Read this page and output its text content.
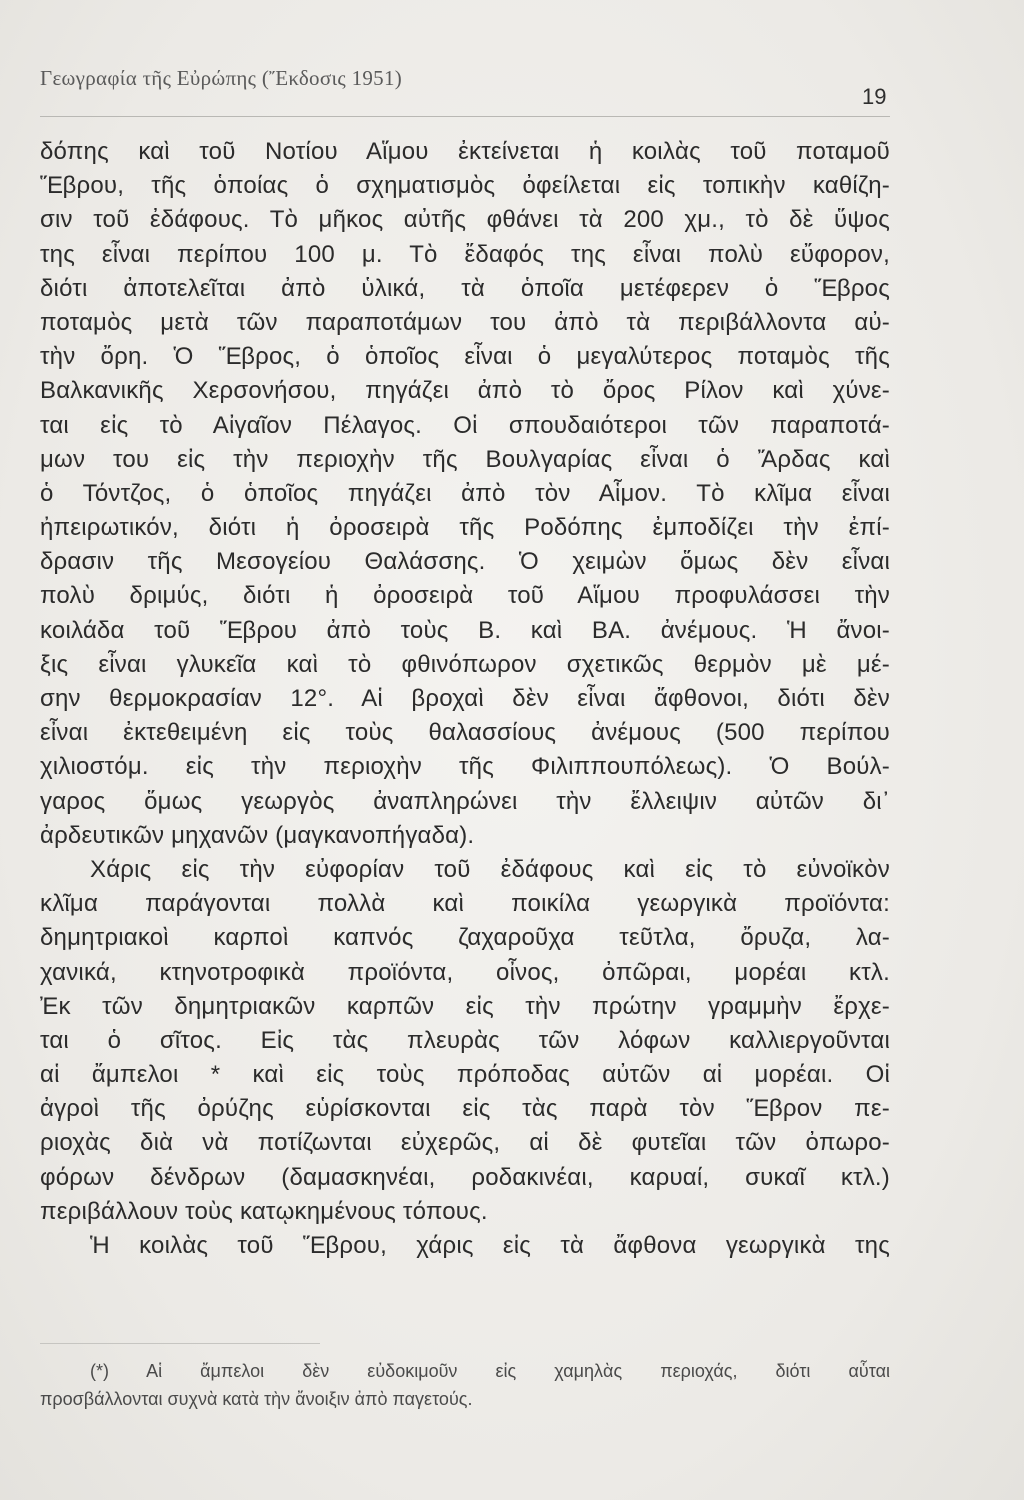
Γεωγραφία τῆς Εὐρώπης (Ἔκδοσις 1951)
19
δόπης καὶ τοῦ Νοτίου Αἵμου ἐκτείνεται ἡ κοιλὰς τοῦ ποταμοῦ
Ἕβρου, τῆς ὁποίας ὁ σχηματισμὸς ὀφείλεται εἰς τοπικὴν καθίζη-
σιν τοῦ ἐδάφους. Τὸ μῆκος αὐτῆς φθάνει τὰ 200 χμ., τὸ δὲ ὕψος
της εἶναι περίπου 100 μ. Τὸ ἔδαφός της εἶναι πολὺ εὔφορον,
διότι ἀποτελεῖται ἀπὸ ὑλικά, τὰ ὁποῖα μετέφερεν ὁ Ἕβρος
ποταμὸς μετὰ τῶν παραποτάμων του ἀπὸ τὰ περιβάλλοντα αὐ-
τὴν ὄρη. Ὁ Ἕβρος, ὁ ὁποῖος εἶναι ὁ μεγαλύτερος ποταμὸς τῆς
Βαλκανικῆς Χερσονήσου, πηγάζει ἀπὸ τὸ ὄρος Ρίλον καὶ χύνε-
ται εἰς τὸ Αἰγαῖον Πέλαγος. Οἱ σπουδαιότεροι τῶν παραποτά-
μων του εἰς τὴν περιοχὴν τῆς Βουλγαρίας εἶναι ὁ Ἄρδας καὶ
ὁ Τόντζος, ὁ ὁποῖος πηγάζει ἀπὸ τὸν Αἷμον. Τὸ κλῖμα εἶναι
ἠπειρωτικόν, διότι ἡ ὀροσειρὰ τῆς Ροδόπης ἐμποδίζει τὴν ἐπί-
δρασιν τῆς Μεσογείου Θαλάσσης. Ὁ χειμὼν ὅμως δὲν εἶναι
πολὺ δριμύς, διότι ἡ ὀροσειρὰ τοῦ Αἵμου προφυλάσσει τὴν
κοιλάδα τοῦ Ἕβρου ἀπὸ τοὺς Β. καὶ ΒΑ. ἀνέμους. Ἡ ἄνοι-
ξις εἶναι γλυκεῖα καὶ τὸ φθινόπωρον σχετικῶς θερμὸν μὲ μέ-
σην θερμοκρασίαν 12°. Αἱ βροχαὶ δὲν εἶναι ἄφθονοι, διότι δὲν
εἶναι ἐκτεθειμένη εἰς τοὺς θαλασσίους ἀνέμους (500 περίπου
χιλιοστόμ. εἰς τὴν περιοχὴν τῆς Φιλιππουπόλεως). Ὁ Βούλ-
γαρος ὅμως γεωργὸς ἀναπληρώνει τὴν ἔλλειψιν αὐτῶν δι᾽
ἀρδευτικῶν μηχανῶν (μαγκανοπήγαδα).
Χάρις εἰς τὴν εὐφορίαν τοῦ ἐδάφους καὶ εἰς τὸ εὐνοϊκὸν
κλῖμα παράγονται πολλὰ καὶ ποικίλα γεωργικὰ προϊόντα:
δημητριακοὶ καρποὶ καπνός ζαχαροῦχα τεῦτλα, ὄρυζα, λα-
χανικά, κτηνοτροφικὰ προϊόντα, οἶνος, ὀπῶραι, μορέαι κτλ.
Ἐκ τῶν δημητριακῶν καρπῶν εἰς τὴν πρώτην γραμμὴν ἔρχε-
ται ὁ σῖτος. Εἰς τὰς πλευρὰς τῶν λόφων καλλιεργοῦνται
αἱ ἄμπελοι * καὶ εἰς τοὺς πρόποδας αὐτῶν αἱ μορέαι. Οἱ
ἀγροὶ τῆς ὀρύζης εὑρίσκονται εἰς τὰς παρὰ τὸν Ἕβρον πε-
ριοχὰς διὰ νὰ ποτίζωνται εὐχερῶς, αἱ δὲ φυτεῖαι τῶν ὀπωρο-
φόρων δένδρων (δαμασκηνέαι, ροδακινέαι, καρυαί, συκαῖ κτλ.)
περιβάλλουν τοὺς κατῳκημένους τόπους.
Ἡ κοιλὰς τοῦ Ἕβρου, χάρις εἰς τὰ ἄφθονα γεωργικὰ της
(*) Αἱ ἄμπελοι δὲν εὐδοκιμοῦν εἰς χαμηλὰς περιοχάς, διότι αὗται
προσβάλλονται συχνὰ κατὰ τὴν ἄνοιξιν ἀπὸ παγετούς.
